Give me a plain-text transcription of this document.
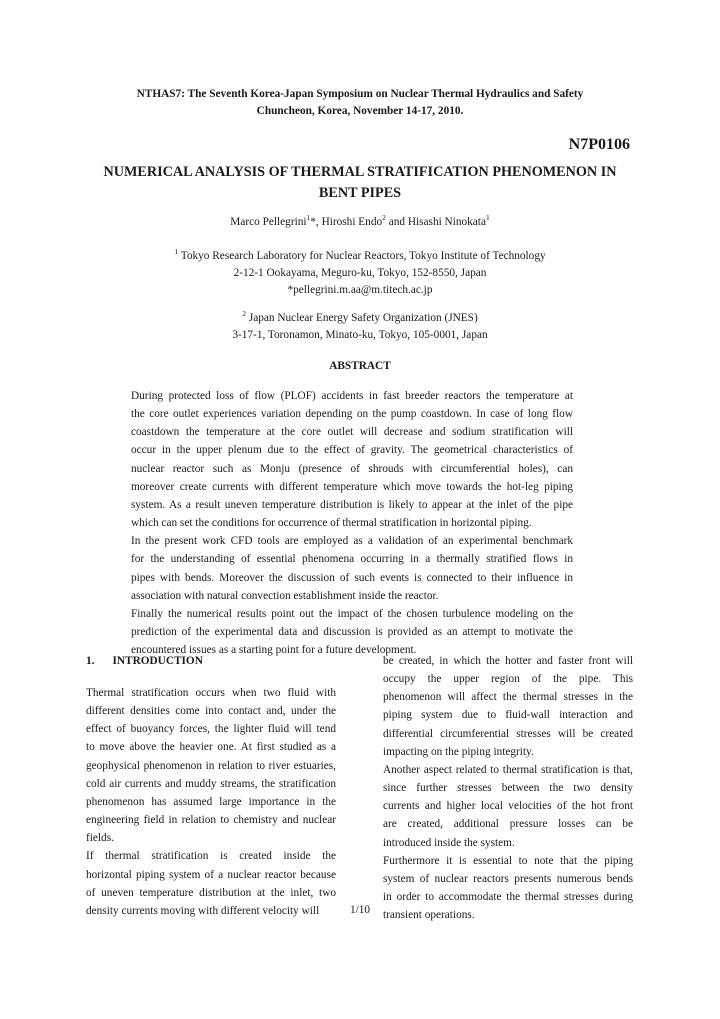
NTHAS7: The Seventh Korea-Japan Symposium on Nuclear Thermal Hydraulics and Safety
Chuncheon, Korea, November 14-17, 2010.
N7P0106
NUMERICAL ANALYSIS OF THERMAL STRATIFICATION PHENOMENON IN
BENT PIPES
Marco Pellegrini$^1$*, Hiroshi Endo$^2$ and Hisashi Ninokata$^1$
$^1$ Tokyo Research Laboratory for Nuclear Reactors, Tokyo Institute of Technology
2-12-1 Ookayama, Meguro-ku, Tokyo, 152-8550, Japan
*pellegrini.m.aa@m.titech.ac.jp
$^2$ Japan Nuclear Energy Safety Organization (JNES)
3-17-1, Toronamon, Minato-ku, Tokyo, 105-0001, Japan
ABSTRACT

During protected loss of flow (PLOF) accidents in fast breeder reactors the temperature at
the core outlet experiences variation depending on the pump coastdown. In case of long flow
coastdown the temperature at the core outlet will decrease and sodium stratification will
occur in the upper plenum due to the effect of gravity. The geometrical characteristics of
nuclear reactor such as Monju (presence of shrouds with circumferential holes), can
moreover create currents with different temperature which move towards the hot-leg piping
system. As a result uneven temperature distribution is likely to appear at the inlet of the pipe
which can set the conditions for occurrence of thermal stratification in horizontal piping.

In the present work CFD tools are employed as a validation of an experimental benchmark
for the understanding of essential phenomena occurring in a thermally stratified flows in
pipes with bends. Moreover the discussion of such events is connected to their influence in
association with natural convection establishment inside the reactor.

Finally the numerical results point out the impact of the chosen turbulence modeling on the
prediction of the experimental data and discussion is provided as an attempt to motivate the
encountered issues as a starting point for a future development.

1. INTRODUCTION
Thermal stratification occurs when two fluid with
different densities come into contact and, under the
effect of buoyancy forces, the lighter fluid will tend
to move above the heavier one. At first studied as a
geophysical phenomenon in relation to river estuaries,
cold air currents and muddy streams, the stratification
phenomenon has assumed large importance in the
engineering field in relation to chemistry and nuclear
fields.
If thermal stratification is created inside the
horizontal piping system of a nuclear reactor because
of uneven temperature distribution at the inlet, two
density currents moving with different velocity will
be created, in which the hotter and faster front will
occupy the upper region of the pipe. This
phenomenon will affect the thermal stresses in the
piping system due to fluid-wall interaction and
differential circumferential stresses will be created
impacting on the piping integrity.
Another aspect related to thermal stratification is that,
since further stresses between the two density
currents and higher local velocities of the hot front
are created, additional pressure losses can be
introduced inside the system.
Furthermore it is essential to note that the piping
system of nuclear reactors presents numerous bends
in order to accommodate the thermal stresses during
transient operations.
1/10
